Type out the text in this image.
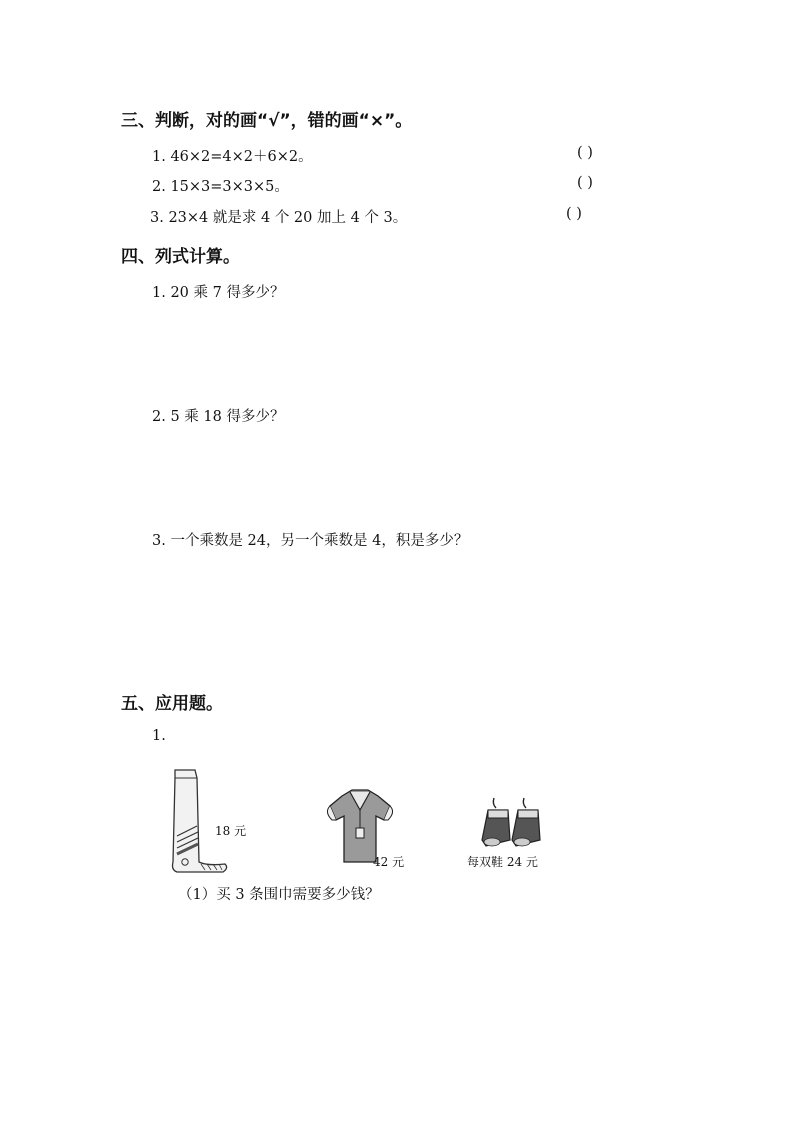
三、判断，对的画“√”，错的画“×”。
1. 46×2=4×2＋6×2。	( )
2. 15×3=3×3×5。	( )
3. 23×4 就是求 4 个 20 加上 4 个 3。	( )
四、列式计算。
1. 20 乘 7 得多少？
2. 5 乘 18 得多少？
3. 一个乘数是 24，另一个乘数是 4，积是多少？
五、应用题。
1.
18 元
42 元	每双鞋 24 元
（1）买 3 条围巾需要多少钱？
